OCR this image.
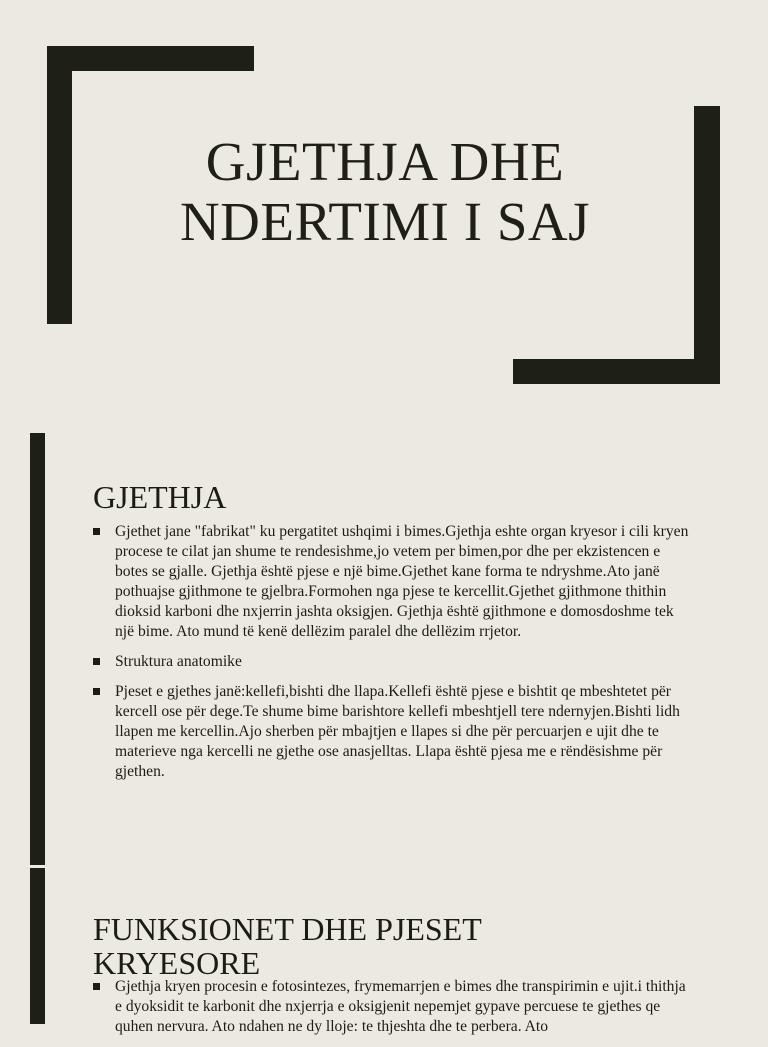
GJETHJA DHE
NDERTIMI I SAJ
GJETHJA
Gjethet jane "fabrikat" ku pergatitet ushqimi i bimes.Gjethja eshte organ kryesor i cili kryen procese te cilat jan shume te rendesishme,jo vetem per bimen,por dhe per ekzistencen e botes se gjalle. Gjethja është pjese e një bime.Gjethet kane forma te ndryshme.Ato janë pothuajse gjithmone te gjelbra.Formohen nga pjese te kercellit.Gjethet gjithmone thithin dioksid karboni dhe nxjerrin jashta oksigjen. Gjethja është gjithmone e domosdoshme tek një bime. Ato mund të kenë dellëzim paralel dhe dellëzim rrjetor.
Struktura anatomike
Pjeset e gjethes janë:kellefi,bishti dhe llapa.Kellefi është pjese e bishtit qe mbeshtetet për kercell ose për dege.Te shume bime barishtore kellefi mbeshtjell tere ndernyjen.Bishti lidh llapen me kercellin.Ajo sherben për mbajtjen e llapes si dhe për percuarjen e ujit dhe te materieve nga kercelli ne gjethe ose anasjelltas. Llapa është pjesa me e rëndësishme për gjethen.
FUNKSIONET DHE PJESET
KRYESORE
Gjethja kryen procesin e fotosintezes, frymemarrjen e bimes dhe transpirimin e ujit.i thithja e dyoksidit te karbonit dhe nxjerrja e oksigjenit nepemjet gypave percuese te gjethes qe quhen nervura. Ato ndahen ne dy lloje: te thjeshta dhe te perbera. Ato
